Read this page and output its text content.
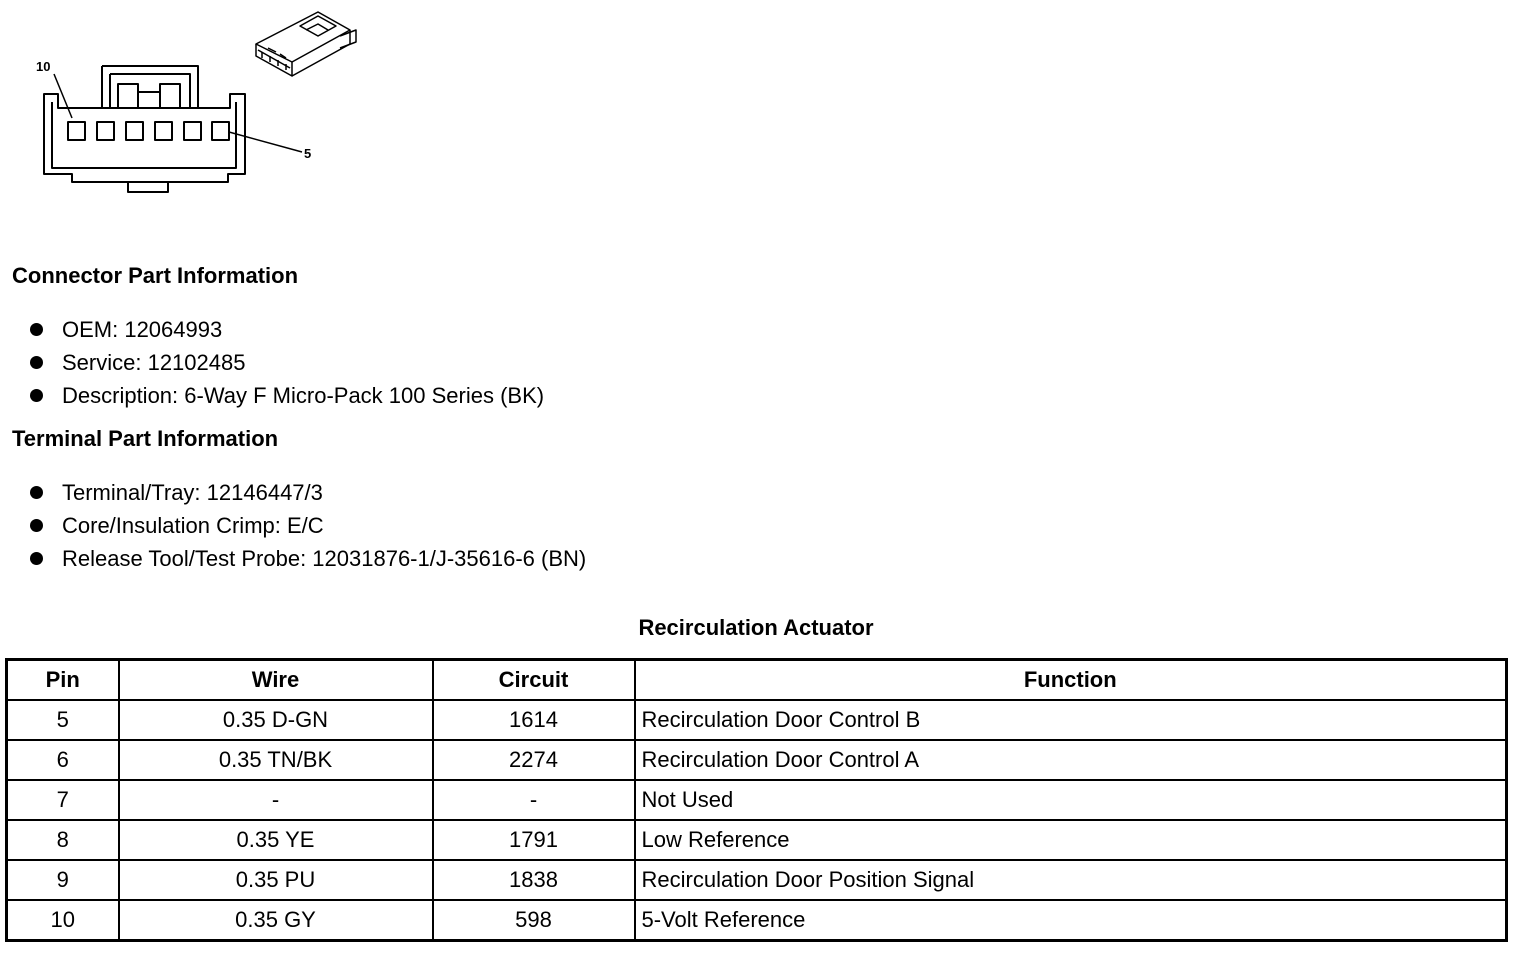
10
5
Connector Part Information
OEM: 12064993
Service: 12102485
Description: 6-Way F Micro-Pack 100 Series (BK)
Terminal Part Information
Terminal/Tray: 12146447/3
Core/Insulation Crimp: E/C
Release Tool/Test Probe: 12031876-1/J-35616-6 (BN)
Recirculation Actuator
Pin	Wire	Circuit	Function
5	0.35 D-GN	1614	Recirculation Door Control B
6	0.35 TN/BK	2274	Recirculation Door Control A
7	-	-	Not Used
8	0.35 YE	1791	Low Reference
9	0.35 PU	1838	Recirculation Door Position Signal
10	0.35 GY	598	5-Volt Reference
